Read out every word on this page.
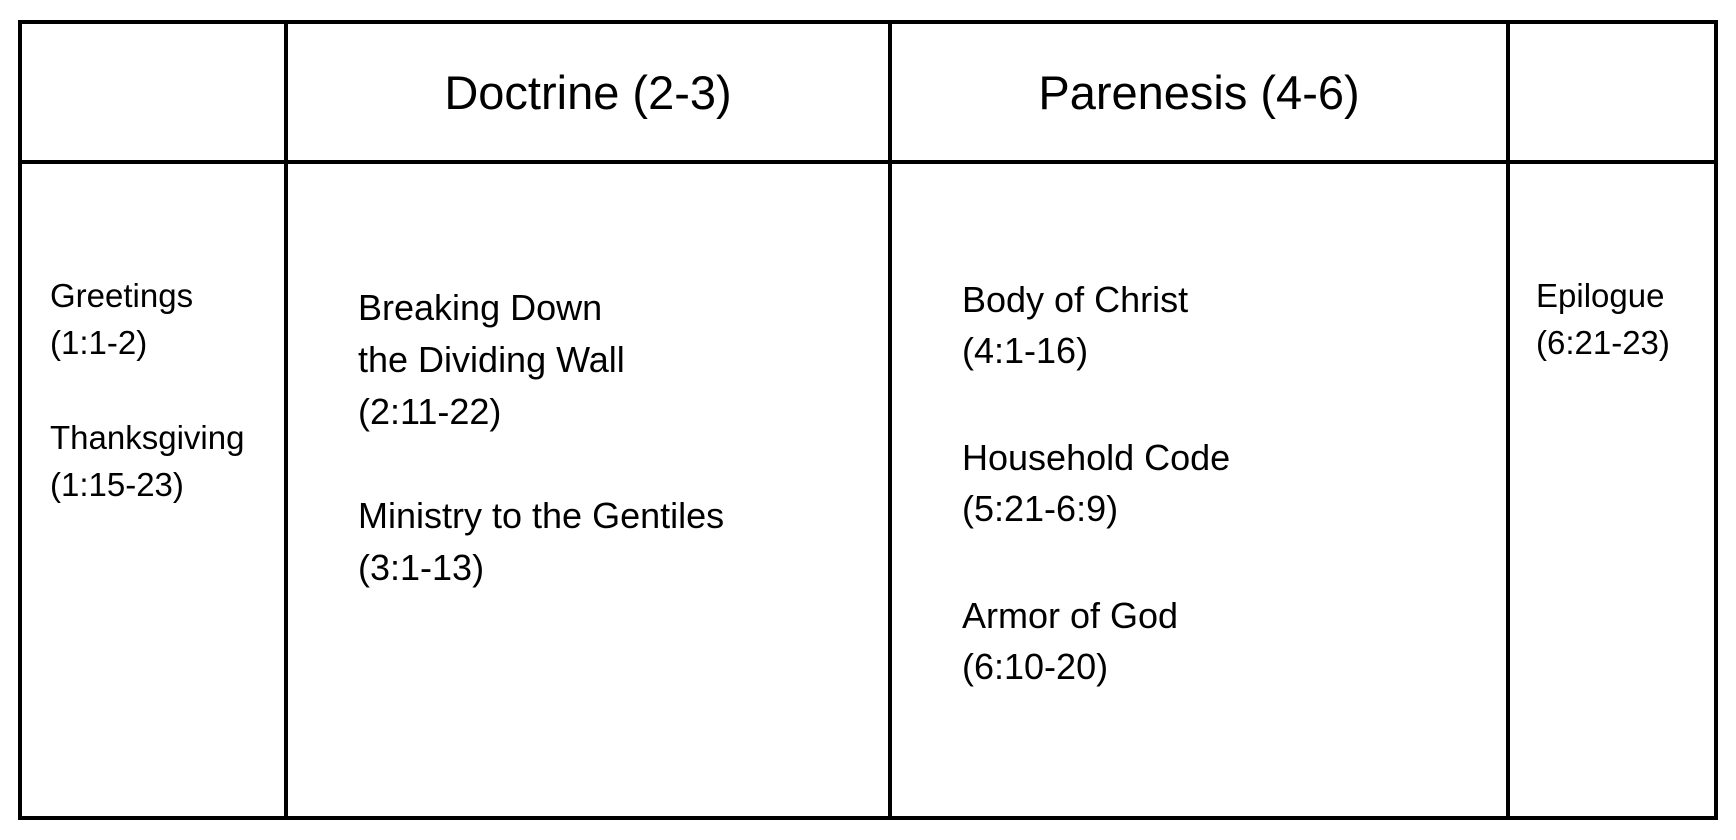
Doctrine (2-3)	Parenesis (4-6)
Greetings
(1:1-2)
Thanksgiving
(1:15-23)
Breaking Down
the Dividing Wall
(2:11-22)
Ministry to the Gentiles
(3:1-13)
Body of Christ
(4:1-16)
Household Code
(5:21-6:9)
Armor of God
(6:10-20)
Epilogue
(6:21-23)
